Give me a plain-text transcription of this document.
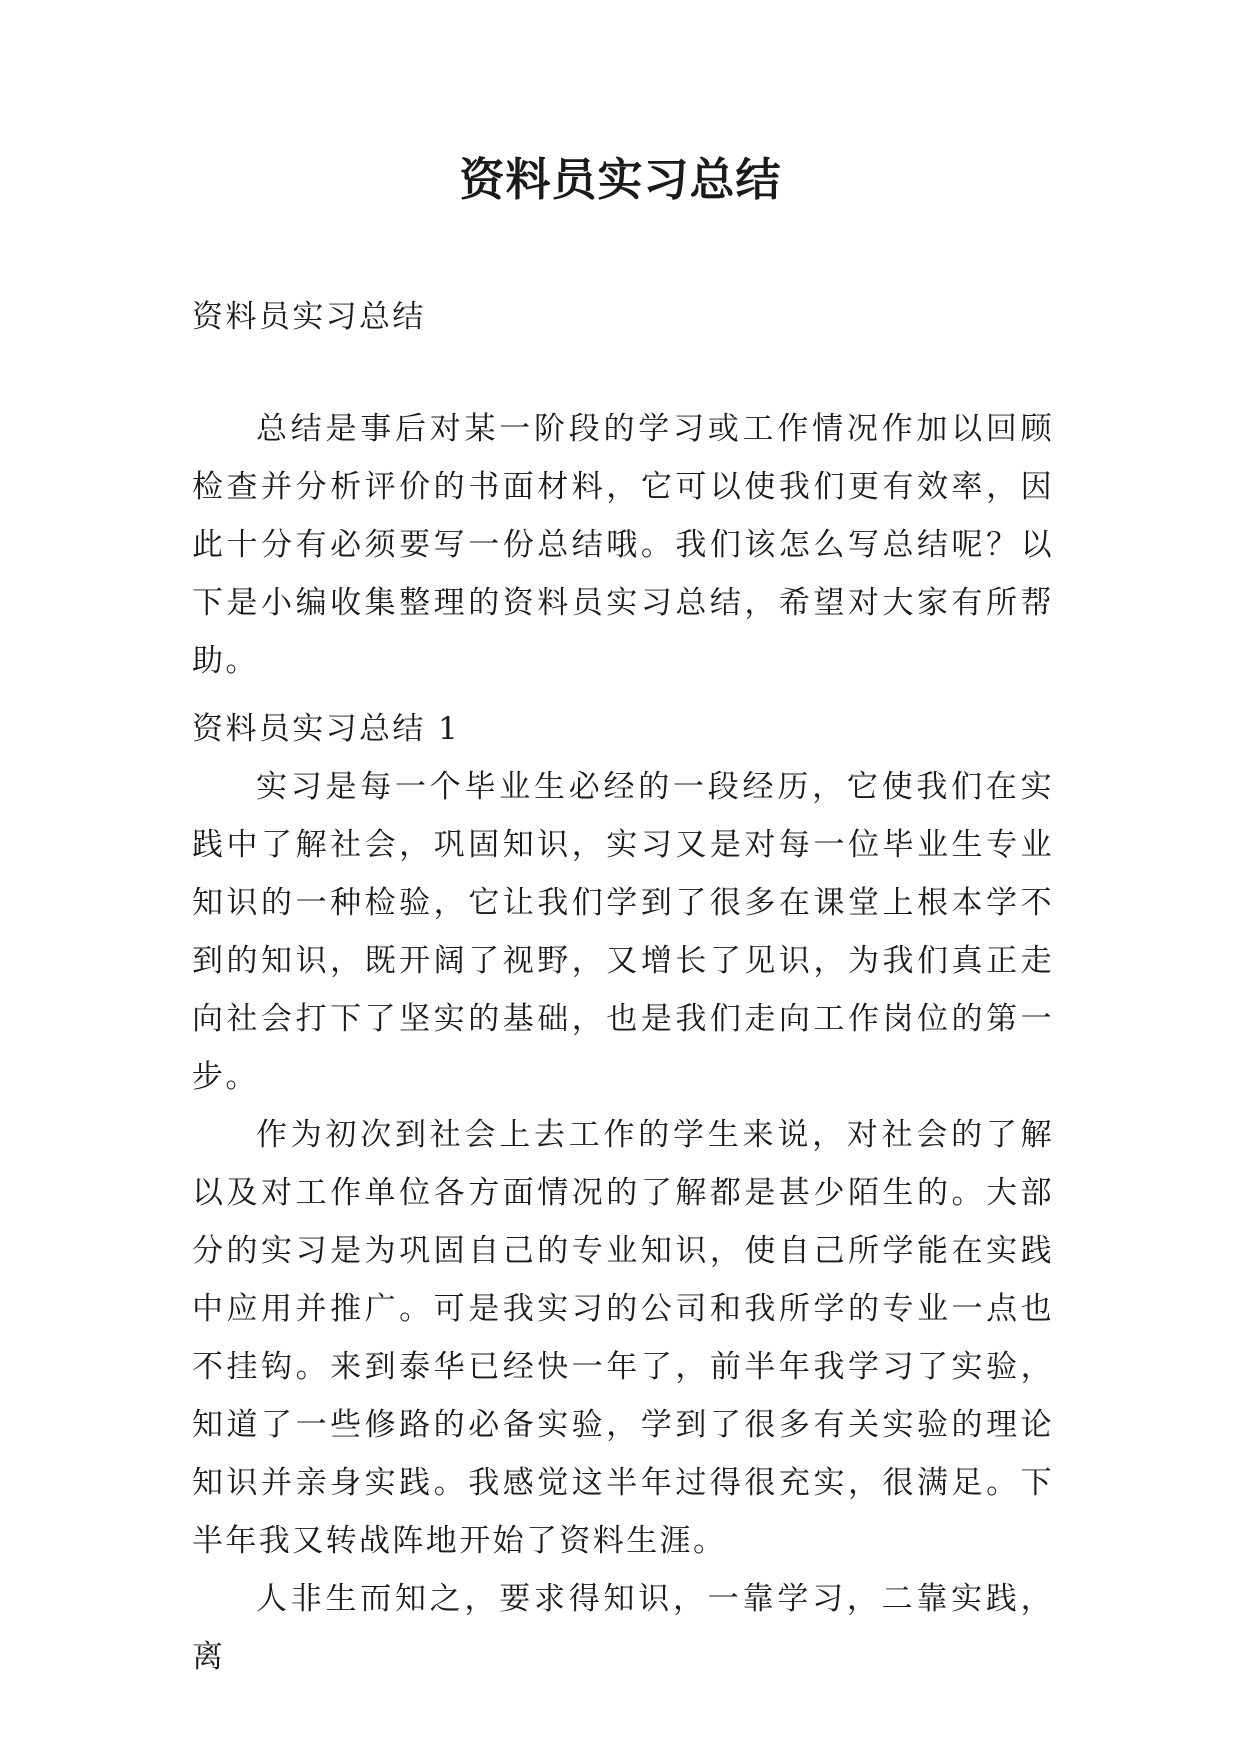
资料员实习总结

资料员实习总结

总结是事后对某一阶段的学习或工作情况作加以回顾检查并分析评价的书面材料，它可以使我们更有效率，因此十分有必须要写一份总结哦。我们该怎么写总结呢？以下是小编收集整理的资料员实习总结，希望对大家有所帮助。

资料员实习总结 1

实习是每一个毕业生必经的一段经历，它使我们在实践中了解社会，巩固知识，实习又是对每一位毕业生专业知识的一种检验，它让我们学到了很多在课堂上根本学不到的知识，既开阔了视野，又增长了见识，为我们真正走向社会打下了坚实的基础，也是我们走向工作岗位的第一步。

作为初次到社会上去工作的学生来说，对社会的了解以及对工作单位各方面情况的了解都是甚少陌生的。大部分的实习是为巩固自己的专业知识，使自己所学能在实践中应用并推广。可是我实习的公司和我所学的专业一点也不挂钩。来到泰华已经快一年了，前半年我学习了实验，知道了一些修路的必备实验，学到了很多有关实验的理论知识并亲身实践。我感觉这半年过得很充实，很满足。下半年我又转战阵地开始了资料生涯。

人非生而知之，要求得知识，一靠学习，二靠实践，离
